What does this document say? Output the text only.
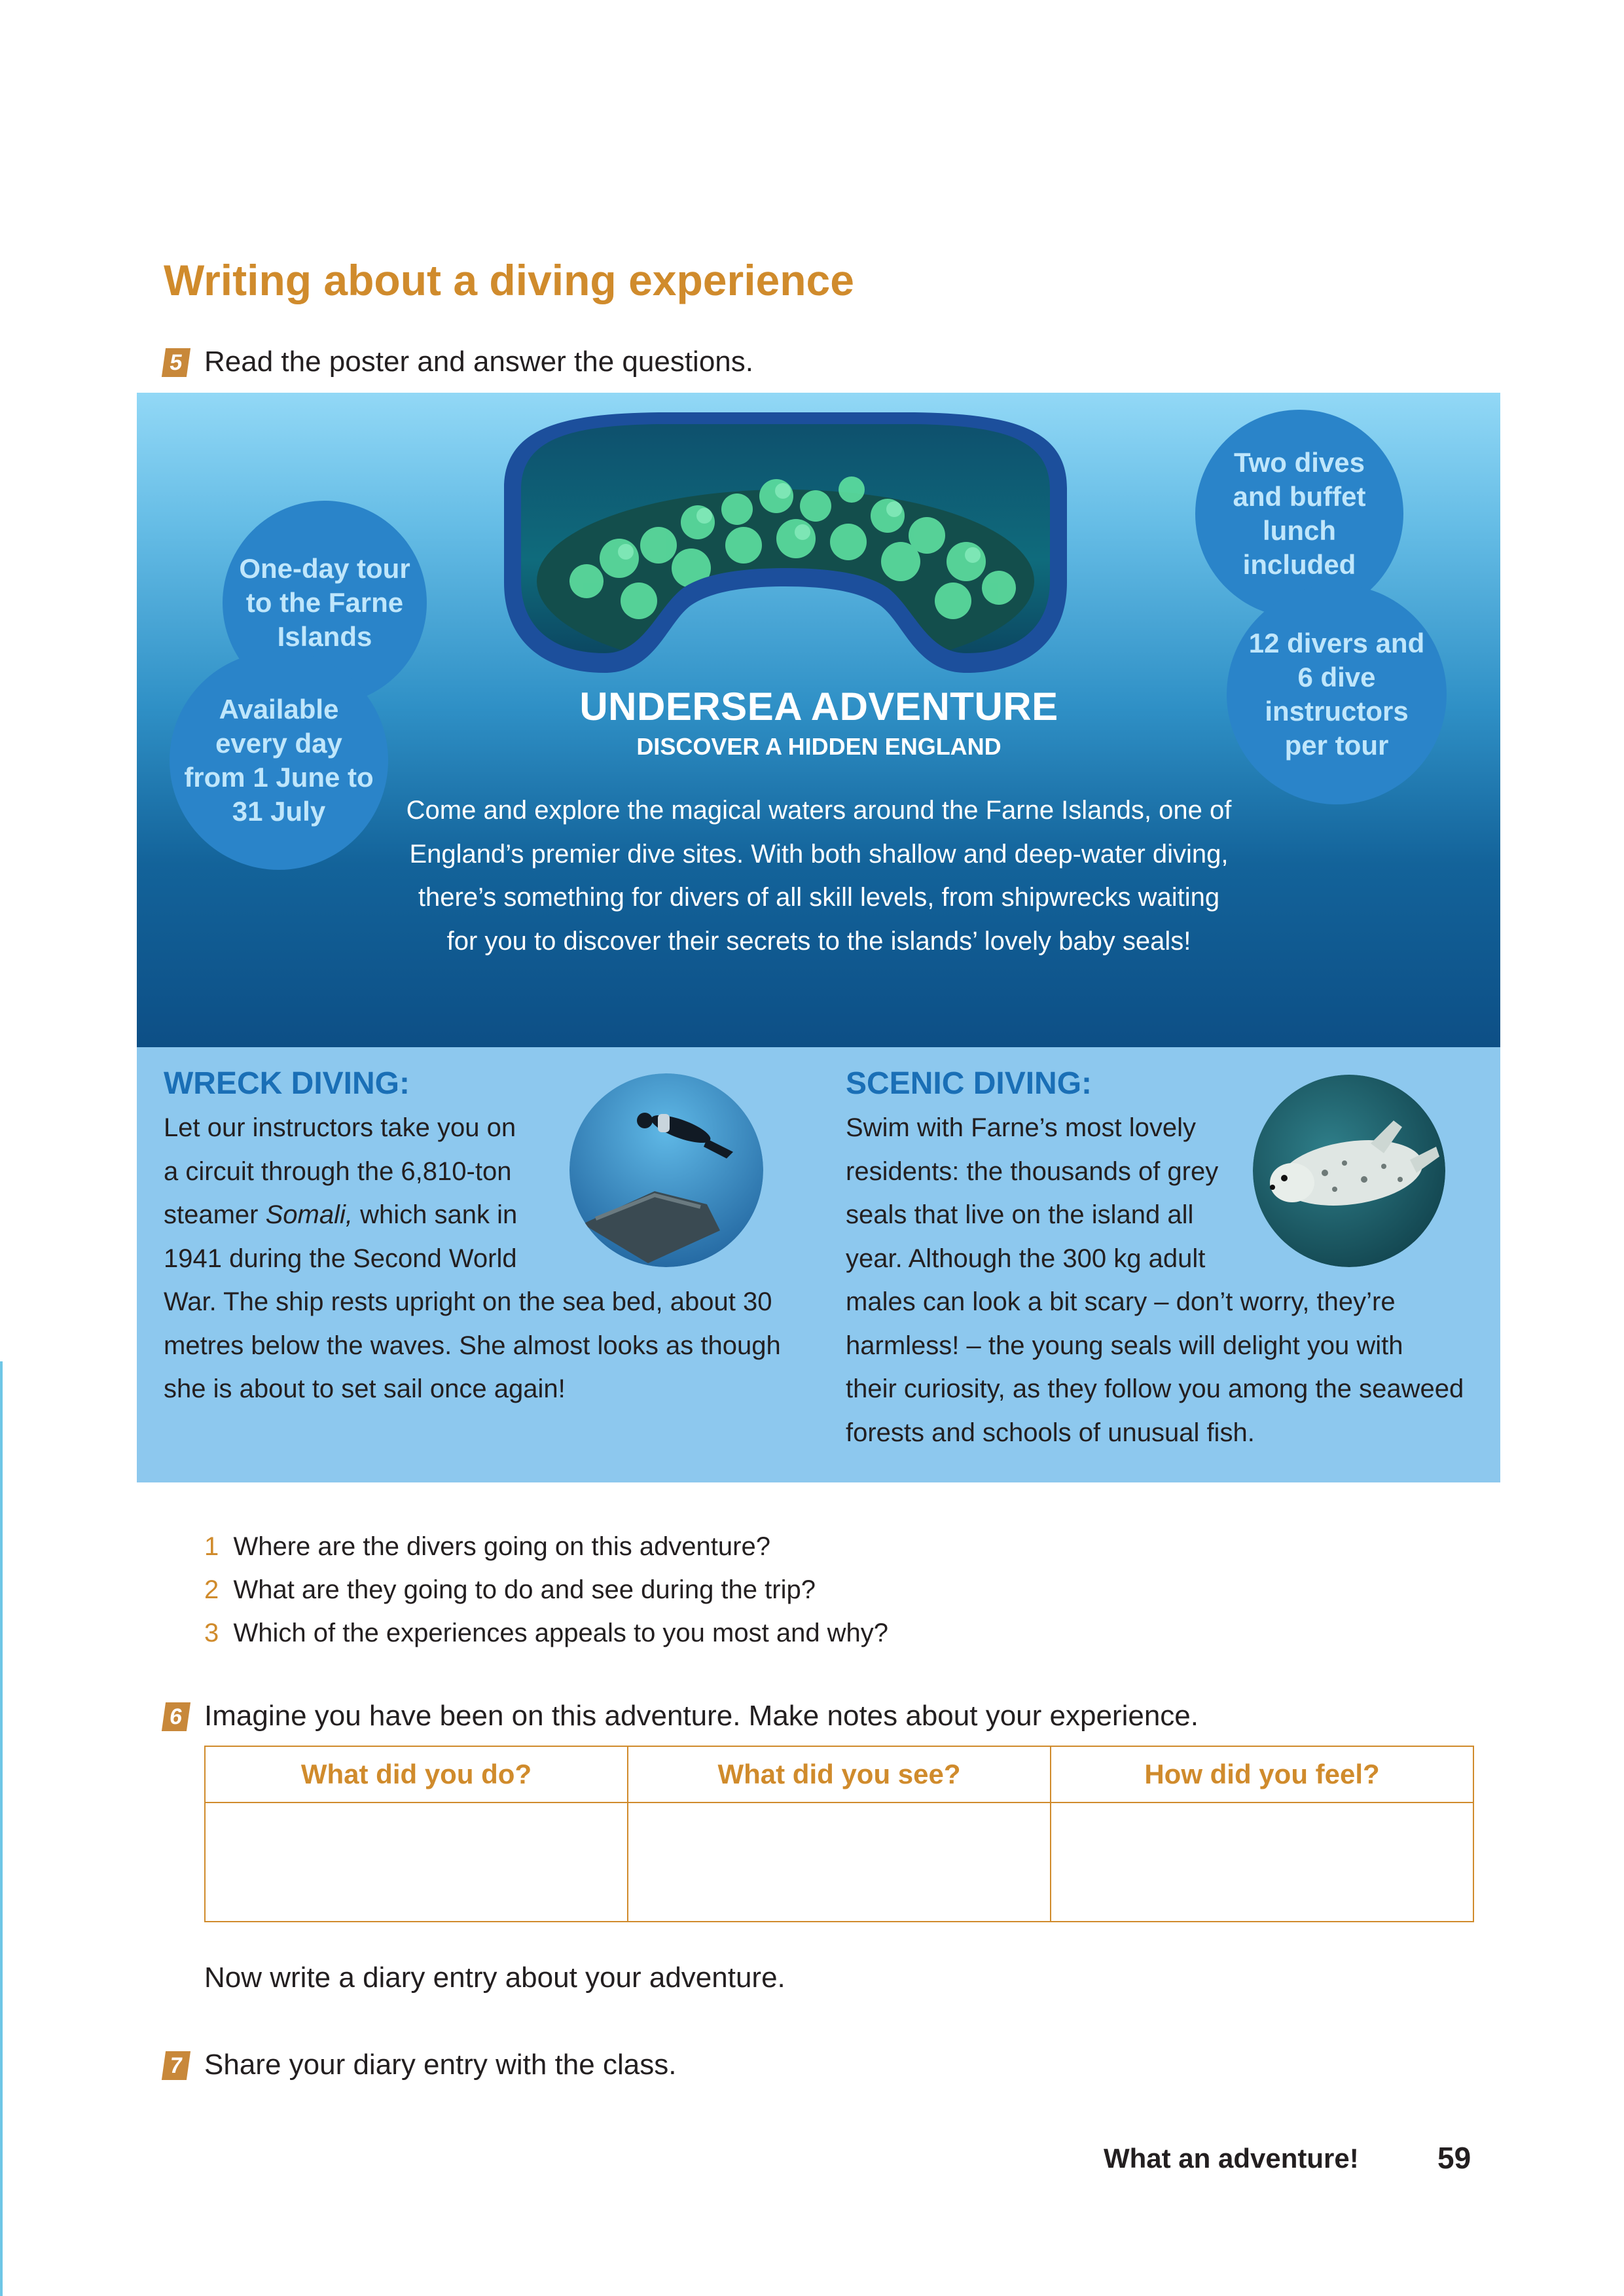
Writing about a diving experience
5 Read the poster and answer the questions.
One-day tour to the Farne Islands
Available every day from 1 June to 31 July
Two dives and buffet lunch included
12 divers and 6 dive instructors per tour
UNDERSEA ADVENTURE
DISCOVER A HIDDEN ENGLAND
Come and explore the magical waters around the Farne Islands, one of
England’s premier dive sites. With both shallow and deep-water diving,
there’s something for divers of all skill levels, from shipwrecks waiting
for you to discover their secrets to the islands’ lovely baby seals!
WRECK DIVING:
Let our instructors take you on
a circuit through the 6,810-ton
steamer Somali, which sank in
1941 during the Second World
War. The ship rests upright on the sea bed, about 30
metres below the waves. She almost looks as though
she is about to set sail once again!
SCENIC DIVING:
Swim with Farne’s most lovely
residents: the thousands of grey
seals that live on the island all
year. Although the 300 kg adult
males can look a bit scary – don’t worry, they’re
harmless! – the young seals will delight you with
their curiosity, as they follow you among the seaweed
forests and schools of unusual fish.
1 Where are the divers going on this adventure?
2 What are they going to do and see during the trip?
3 Which of the experiences appeals to you most and why?
6 Imagine you have been on this adventure. Make notes about your experience.
What did you do?	What did you see?	How did you feel?

Now write a diary entry about your adventure.
7 Share your diary entry with the class.
What an adventure!	59
